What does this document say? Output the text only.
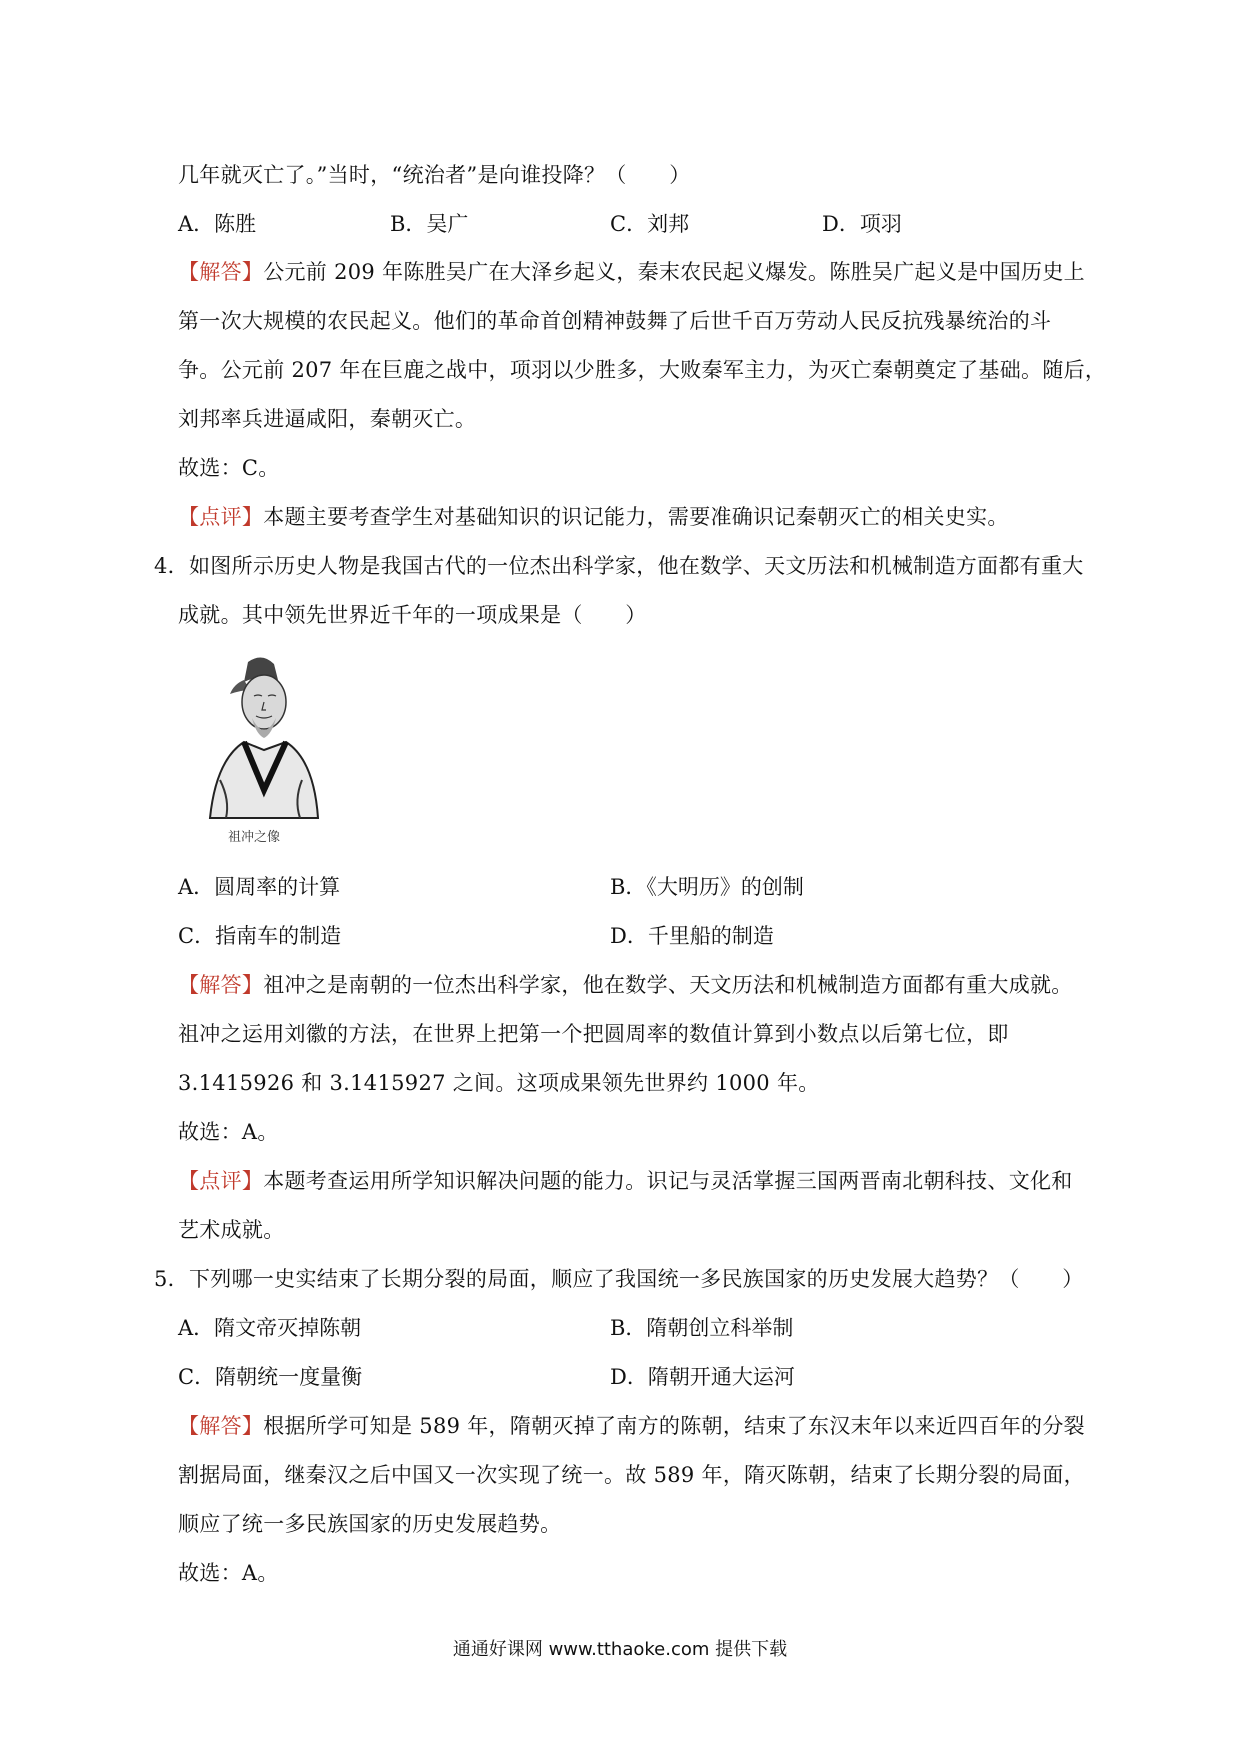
几年就灭亡了。”当时，“统治者”是向谁投降？（　　）
A．陈胜	B．吴广	C．刘邦	D．项羽
【解答】公元前 209 年陈胜吴广在大泽乡起义，秦末农民起义爆发。陈胜吴广起义是中国历史上
第一次大规模的农民起义。他们的革命首创精神鼓舞了后世千百万劳动人民反抗残暴统治的斗
争。公元前 207 年在巨鹿之战中，项羽以少胜多，大败秦军主力，为灭亡秦朝奠定了基础。随后，
刘邦率兵进逼咸阳，秦朝灭亡。
故选：C。
【点评】本题主要考查学生对基础知识的识记能力，需要准确识记秦朝灭亡的相关史实。
4．如图所示历史人物是我国古代的一位杰出科学家，他在数学、天文历法和机械制造方面都有重大
成就。其中领先世界近千年的一项成果是（　　）
祖冲之像
A．圆周率的计算	B．《大明历》的创制
C．指南车的制造	D．千里船的制造
【解答】祖冲之是南朝的一位杰出科学家，他在数学、天文历法和机械制造方面都有重大成就。
祖冲之运用刘徽的方法，在世界上把第一个把圆周率的数值计算到小数点以后第七位，即
3.1415926 和 3.1415927 之间。这项成果领先世界约 1000 年。
故选：A。
【点评】本题考查运用所学知识解决问题的能力。识记与灵活掌握三国两晋南北朝科技、文化和
艺术成就。
5．下列哪一史实结束了长期分裂的局面，顺应了我国统一多民族国家的历史发展大趋势？（　　）
A．隋文帝灭掉陈朝	B．隋朝创立科举制
C．隋朝统一度量衡	D．隋朝开通大运河
【解答】根据所学可知是 589 年，隋朝灭掉了南方的陈朝，结束了东汉末年以来近四百年的分裂
割据局面，继秦汉之后中国又一次实现了统一。故 589 年，隋灭陈朝，结束了长期分裂的局面，
顺应了统一多民族国家的历史发展趋势。
故选：A。
通通好课网 www.tthaoke.com 提供下载
